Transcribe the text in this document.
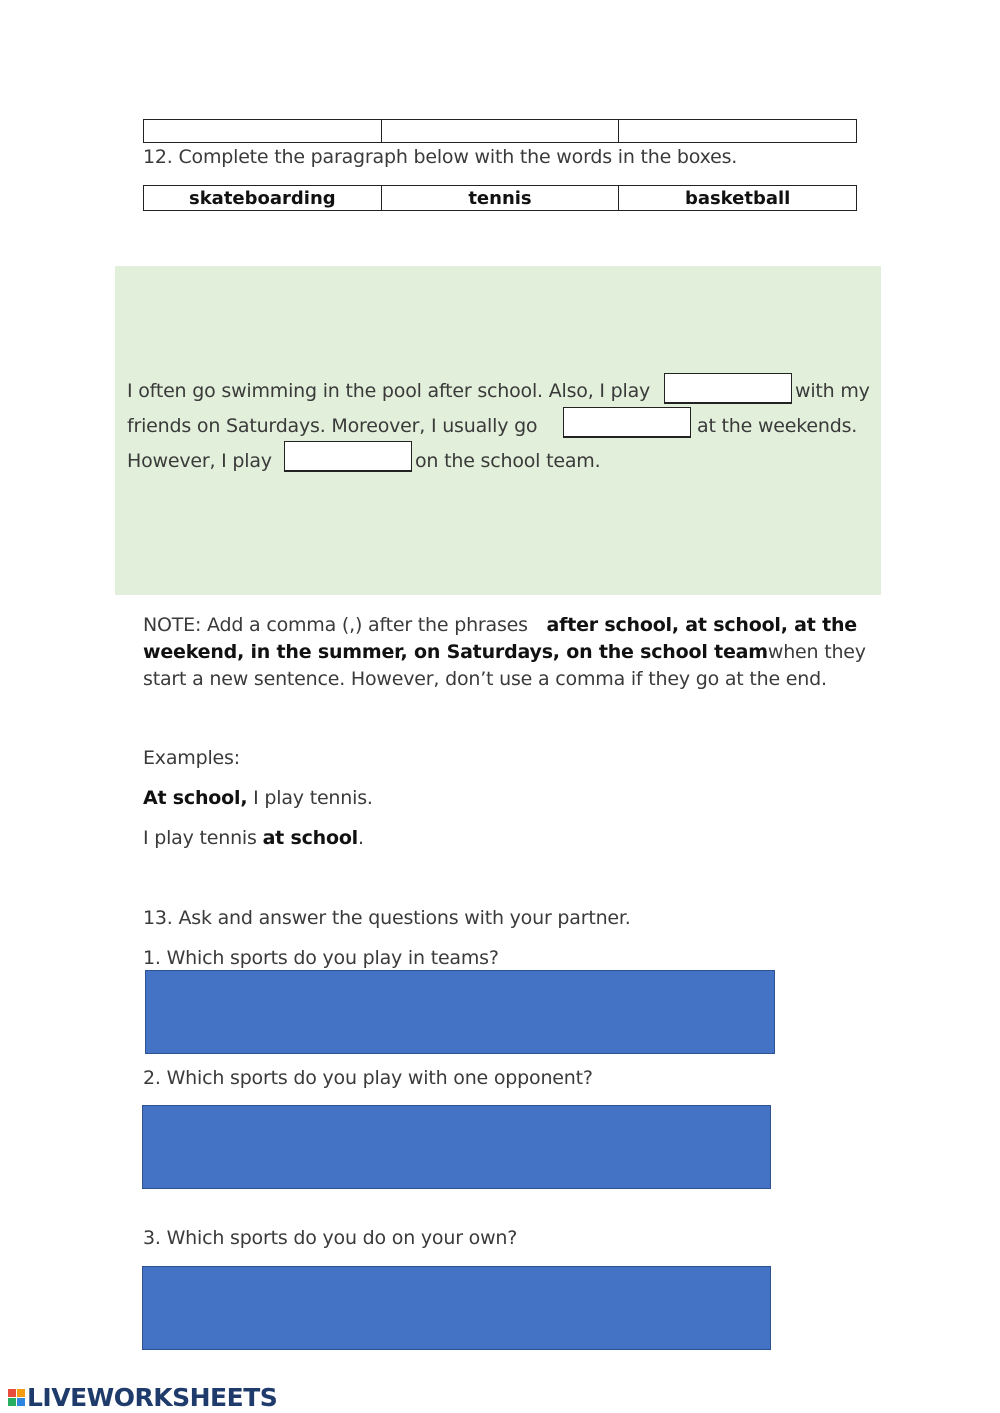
12. Complete the paragraph below with the words in the boxes.
skateboarding	tennis	basketball
I often go swimming in the pool after school. Also, I play	with my
friends on Saturdays. Moreover, I usually go	at the weekends.
However, I play	on the school team.
NOTE: Add a comma (,) after the phrases after school, at school, at the
weekend, in the summer, on Saturdays, on the school team when they
start a new sentence. However, don’t use a comma if they go at the end.
Examples:
At school, I play tennis.
I play tennis at school.
13. Ask and answer the questions with your partner.
1. Which sports do you play in teams?
2. Which sports do you play with one opponent?
3. Which sports do you do on your own?
LIVEWORKSHEETS
